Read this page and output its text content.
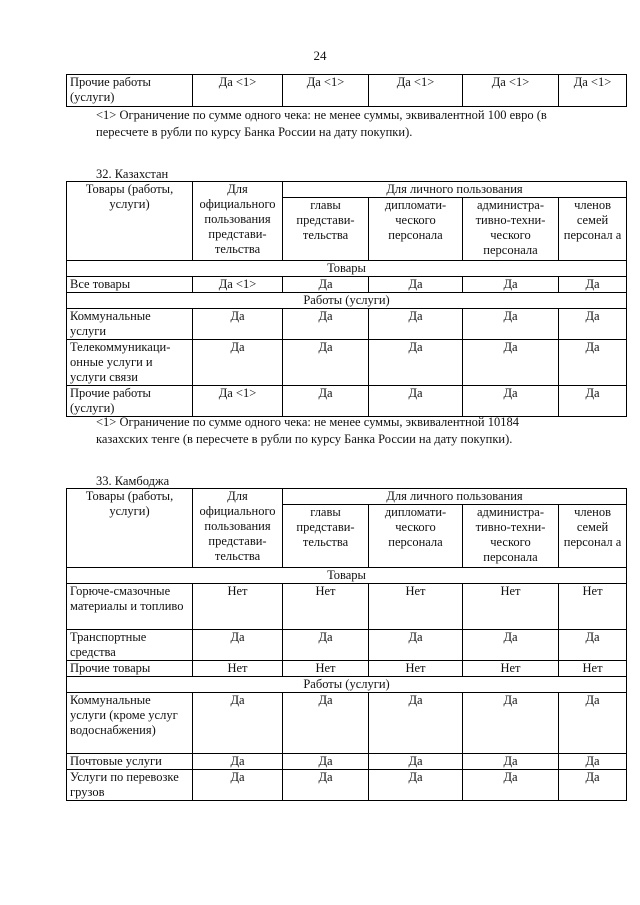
24
Прочие работы (услуги)	Да <1>	Да <1>	Да <1>	Да <1>	Да <1>
<1> Ограничение по сумме одного чека: не менее суммы, эквивалентной 100 евро (в
пересчете в рубли по курсу Банка России на дату покупки).
32. Казахстан
Товары (работы, услуги)	Для официального пользования представи-тельства	Для личного пользования			
		главы представи-тельства	дипломати-ческого персонала	администра-тивно-техни-ческого персонала	членов семей персонал а
Товары					
Все товары	Да <1>	Да	Да	Да	Да
Работы (услуги)					
Коммунальные услуги	Да	Да	Да	Да	Да
Телекоммуникаци-онные услуги и услуги связи	Да	Да	Да	Да	Да
Прочие работы (услуги)	Да <1>	Да	Да	Да	Да
<1> Ограничение по сумме одного чека: не менее суммы, эквивалентной 10184
казахских тенге (в пересчете в рубли по курсу Банка России на дату покупки).
33. Камбоджа
Товары (работы, услуги)	Для официального пользования представи-тельства	Для личного пользования			
		главы представи-тельства	дипломати-ческого персонала	администра-тивно-техни-ческого персонала	членов семей персонал а
Товары					
Горюче-смазочные материалы и топливо	Нет	Нет	Нет	Нет	Нет
Транспортные средства	Да	Да	Да	Да	Да
Прочие товары	Нет	Нет	Нет	Нет	Нет
Работы (услуги)					
Коммунальные услуги (кроме услуг водоснабжения)	Да	Да	Да	Да	Да
Почтовые услуги	Да	Да	Да	Да	Да
Услуги по перевозке грузов	Да	Да	Да	Да	Да
